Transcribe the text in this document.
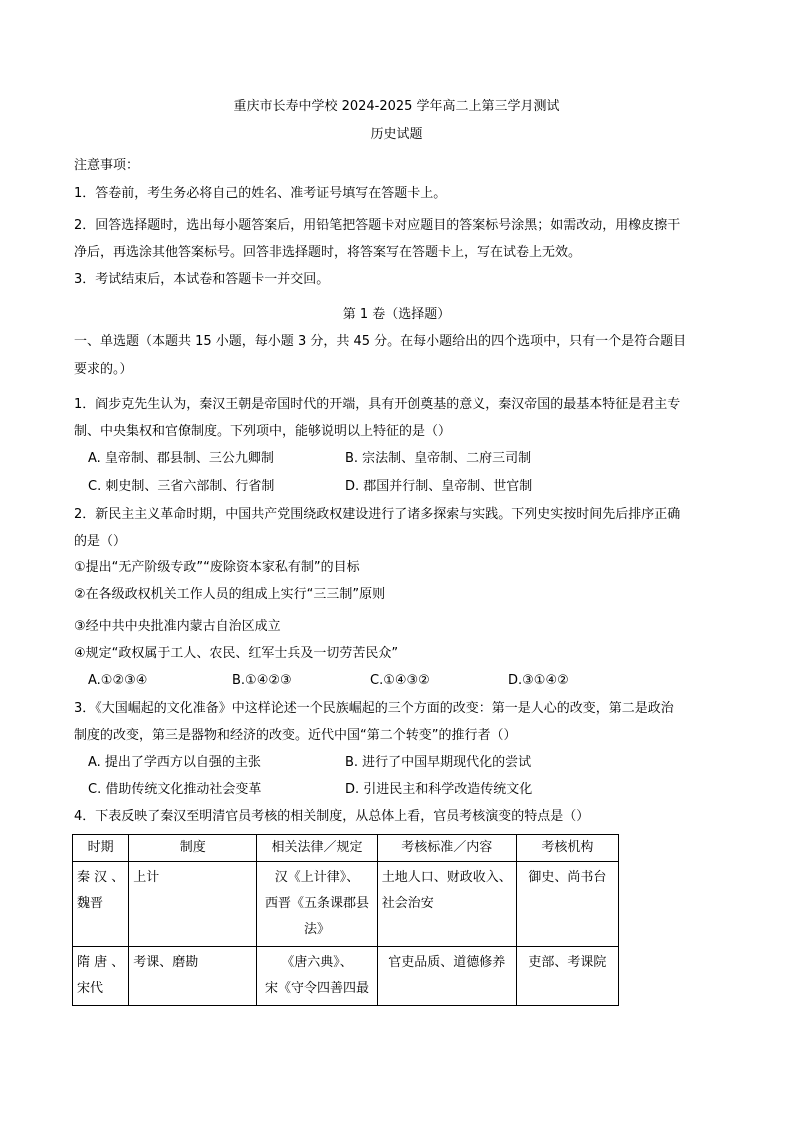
重庆市长寿中学校 2024-2025 学年高二上第三学月测试
历史试题
注意事项：
1．答卷前，考生务必将自己的姓名、准考证号填写在答题卡上。
2．回答选择题时，选出每小题答案后，用铅笔把答题卡对应题目的答案标号涂黑；如需改动，用橡皮擦干
净后，再选涂其他答案标号。回答非选择题时，将答案写在答题卡上，写在试卷上无效。
3．考试结束后，本试卷和答题卡一并交回。
第 1 卷（选择题）
一、单选题（本题共 15 小题，每小题 3 分，共 45 分。在每小题给出的四个选项中，只有一个是符合题目
要求的。）
1．阎步克先生认为，秦汉王朝是帝国时代的开端，具有开创奠基的意义，秦汉帝国的最基本特征是君主专
制、中央集权和官僚制度。下列项中，能够说明以上特征的是（）
A. 皇帝制、郡县制、三公九卿制	B. 宗法制、皇帝制、二府三司制
C. 刺史制、三省六部制、行省制	D. 郡国并行制、皇帝制、世官制
2．新民主主义革命时期，中国共产党围绕政权建设进行了诸多探索与实践。下列史实按时间先后排序正确
的是（）
①提出“无产阶级专政”“废除资本家私有制”的目标
②在各级政权机关工作人员的组成上实行“三三制”原则
③经中共中央批准内蒙古自治区成立
④规定“政权属于工人、农民、红军士兵及一切劳苦民众”
A.①②③④	B.①④②③	C.①④③②	D.③①④②
3．《大国崛起的文化准备》中这样论述一个民族崛起的三个方面的改变：第一是人心的改变，第二是政治
制度的改变，第三是器物和经济的改变。近代中国“第二个转变”的推行者（）
A. 提出了学西方以自强的主张	B. 进行了中国早期现代化的尝试
C. 借助传统文化推动社会变革	D. 引进民主和科学改造传统文化
4．下表反映了秦汉至明清官员考核的相关制度，从总体上看，官员考核演变的特点是（）
时期	制度	相关法律／规定	考核标准／内容	考核机构

秦 汉 、
魏晋	上计	汉《上计律》、
西晋《五条课郡县
法》	土地人口、财政收入、
社会治安	御史、尚书台

隋 唐 、
宋代	考课、磨勘	《唐六典》、
宋《守令四善四最	官吏品质、道德修养	吏部、考课院
